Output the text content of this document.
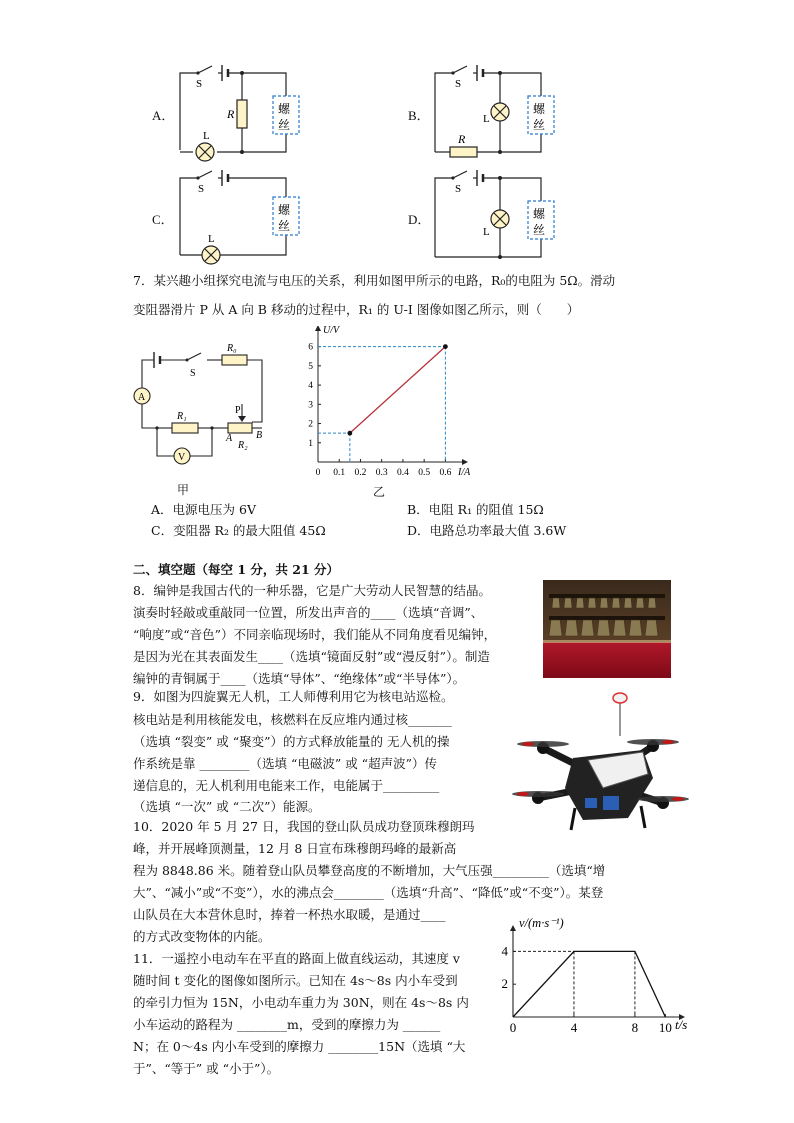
A．	B．
C．	D．
S
R
L
螺
丝
S
L
R
螺
丝
S
L
螺
丝
S
L
螺
丝
7．某兴趣小组探究电流与电压的关系，利用如图甲所示的电路，R₀的电阻为 5Ω。滑动
变阻器滑片 P 从 A 向 B 移动的过程中，R₁ 的 U-I 图像如图乙所示，则（　　）
A
V
S
R₀
R₁
P
A B
R₂
甲
0 0.1 0.2 0.3 0.4 0.5 0.6
1
2
3
4
5
6
I/A
U/V
乙
A．电源电压为 6V	B．电阻 R₁ 的阻值 15Ω
C．变阻器 R₂ 的最大阻值 45Ω	D．电路总功率最大值 3.6W
二、填空题（每空 1 分，共 21 分）
8．编钟是我国古代的一种乐器，它是广大劳动人民智慧的结晶。
演奏时轻敲或重敲同一位置，所发出声音的____（选填“音调”、
“响度”或“音色”）不同亲临现场时，我们能从不同角度看见编钟，
是因为光在其表面发生____（选填“镜面反射”或“漫反射”）。制造
编钟的青铜属于____（选填“导体”、“绝缘体”或“半导体”）。
9．如图为四旋翼无人机，工人师傅利用它为核电站巡检。
核电站是利用核能发电，核燃料在反应堆内通过核_______
（选填 “裂变” 或 “聚变”）的方式释放能量的 无人机的操
作系统是靠 ________（选填 “电磁波” 或 “超声波”）传
递信息的，无人机利用电能来工作，电能属于_________
（选填 “一次” 或 “二次”）能源。
10．2020 年 5 月 27 日，我国的登山队员成功登顶珠穆朗玛
峰，并开展峰顶测量，12 月 8 日宣布珠穆朗玛峰的最新高
程为 8848.86 米。随着登山队员攀登高度的不断增加，大气压强_________（选填“增
大”、“减小”或“不变”），水的沸点会________（选填“升高”、“降低”或“不变”）。某登
山队员在大本营休息时，捧着一杯热水取暖，是通过____
的方式改变物体的内能。
11．一遥控小电动车在平直的路面上做直线运动，其速度 v
随时间 t 变化的图像如图所示。已知在 4s～8s 内小车受到
的牵引力恒为 15N，小电动车重力为 30N，则在 4s～8s 内
小车运动的路程为 ________m，受到的摩擦力为 ______
N；在 0～4s 内小车受到的摩擦力 ________15N（选填 “大
于”、“等于” 或 “小于”）。
0	4	8 10
2
4
t/s
v/(m·s⁻¹)
